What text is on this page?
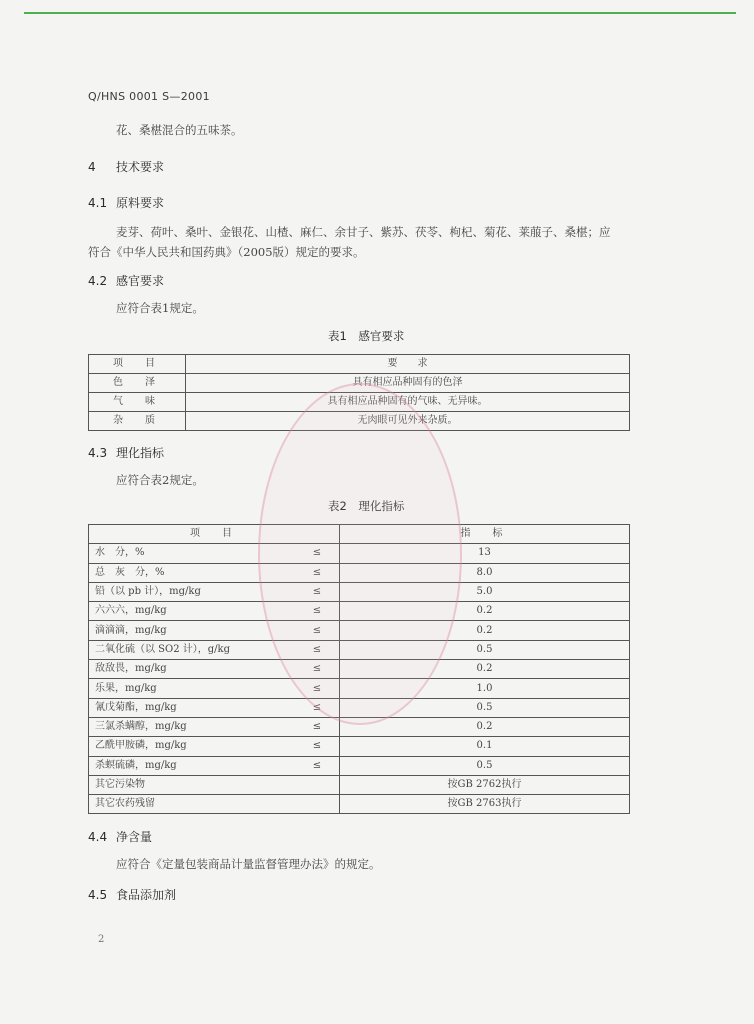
Q/HNS 0001 S—2001
花、桑椹混合的五味茶。
4 技术要求
4.1 原料要求
麦芽、荷叶、桑叶、金银花、山楂、麻仁、余甘子、紫苏、茯苓、枸杞、菊花、莱菔子、桑椹；应
符合《中华人民共和国药典》（2005版）规定的要求。
4.2 感官要求
应符合表1规定。
表1　感官要求
项　目	要　　求
色　泽	具有相应品种固有的色泽
气　味	具有相应品种固有的气味、无异味。
杂　质	无肉眼可见外来杂质。
4.3 理化指标
应符合表2规定。
表2　理化指标
项　目		指　标
水　分，%	≤	13
总　灰　分，%	≤	8.0
铅（以 pb 计），mg/kg	≤	5.0
六六六，mg/kg	≤	0.2
滴滴滴，mg/kg	≤	0.2
二氧化硫（以 SO2 计），g/kg	≤	0.5
敌敌畏，mg/kg	≤	0.2
乐果，mg/kg	≤	1.0
氰戊菊酯，mg/kg	≤	0.5
三氯杀螨醇，mg/kg	≤	0.2
乙酰甲胺磷，mg/kg	≤	0.1
杀螟硫磷，mg/kg	≤	0.5
其它污染物		按GB 2762执行
其它农药残留		按GB 2763执行
4.4 净含量
应符合《定量包装商品计量监督管理办法》的规定。
4.5 食品添加剂
2
